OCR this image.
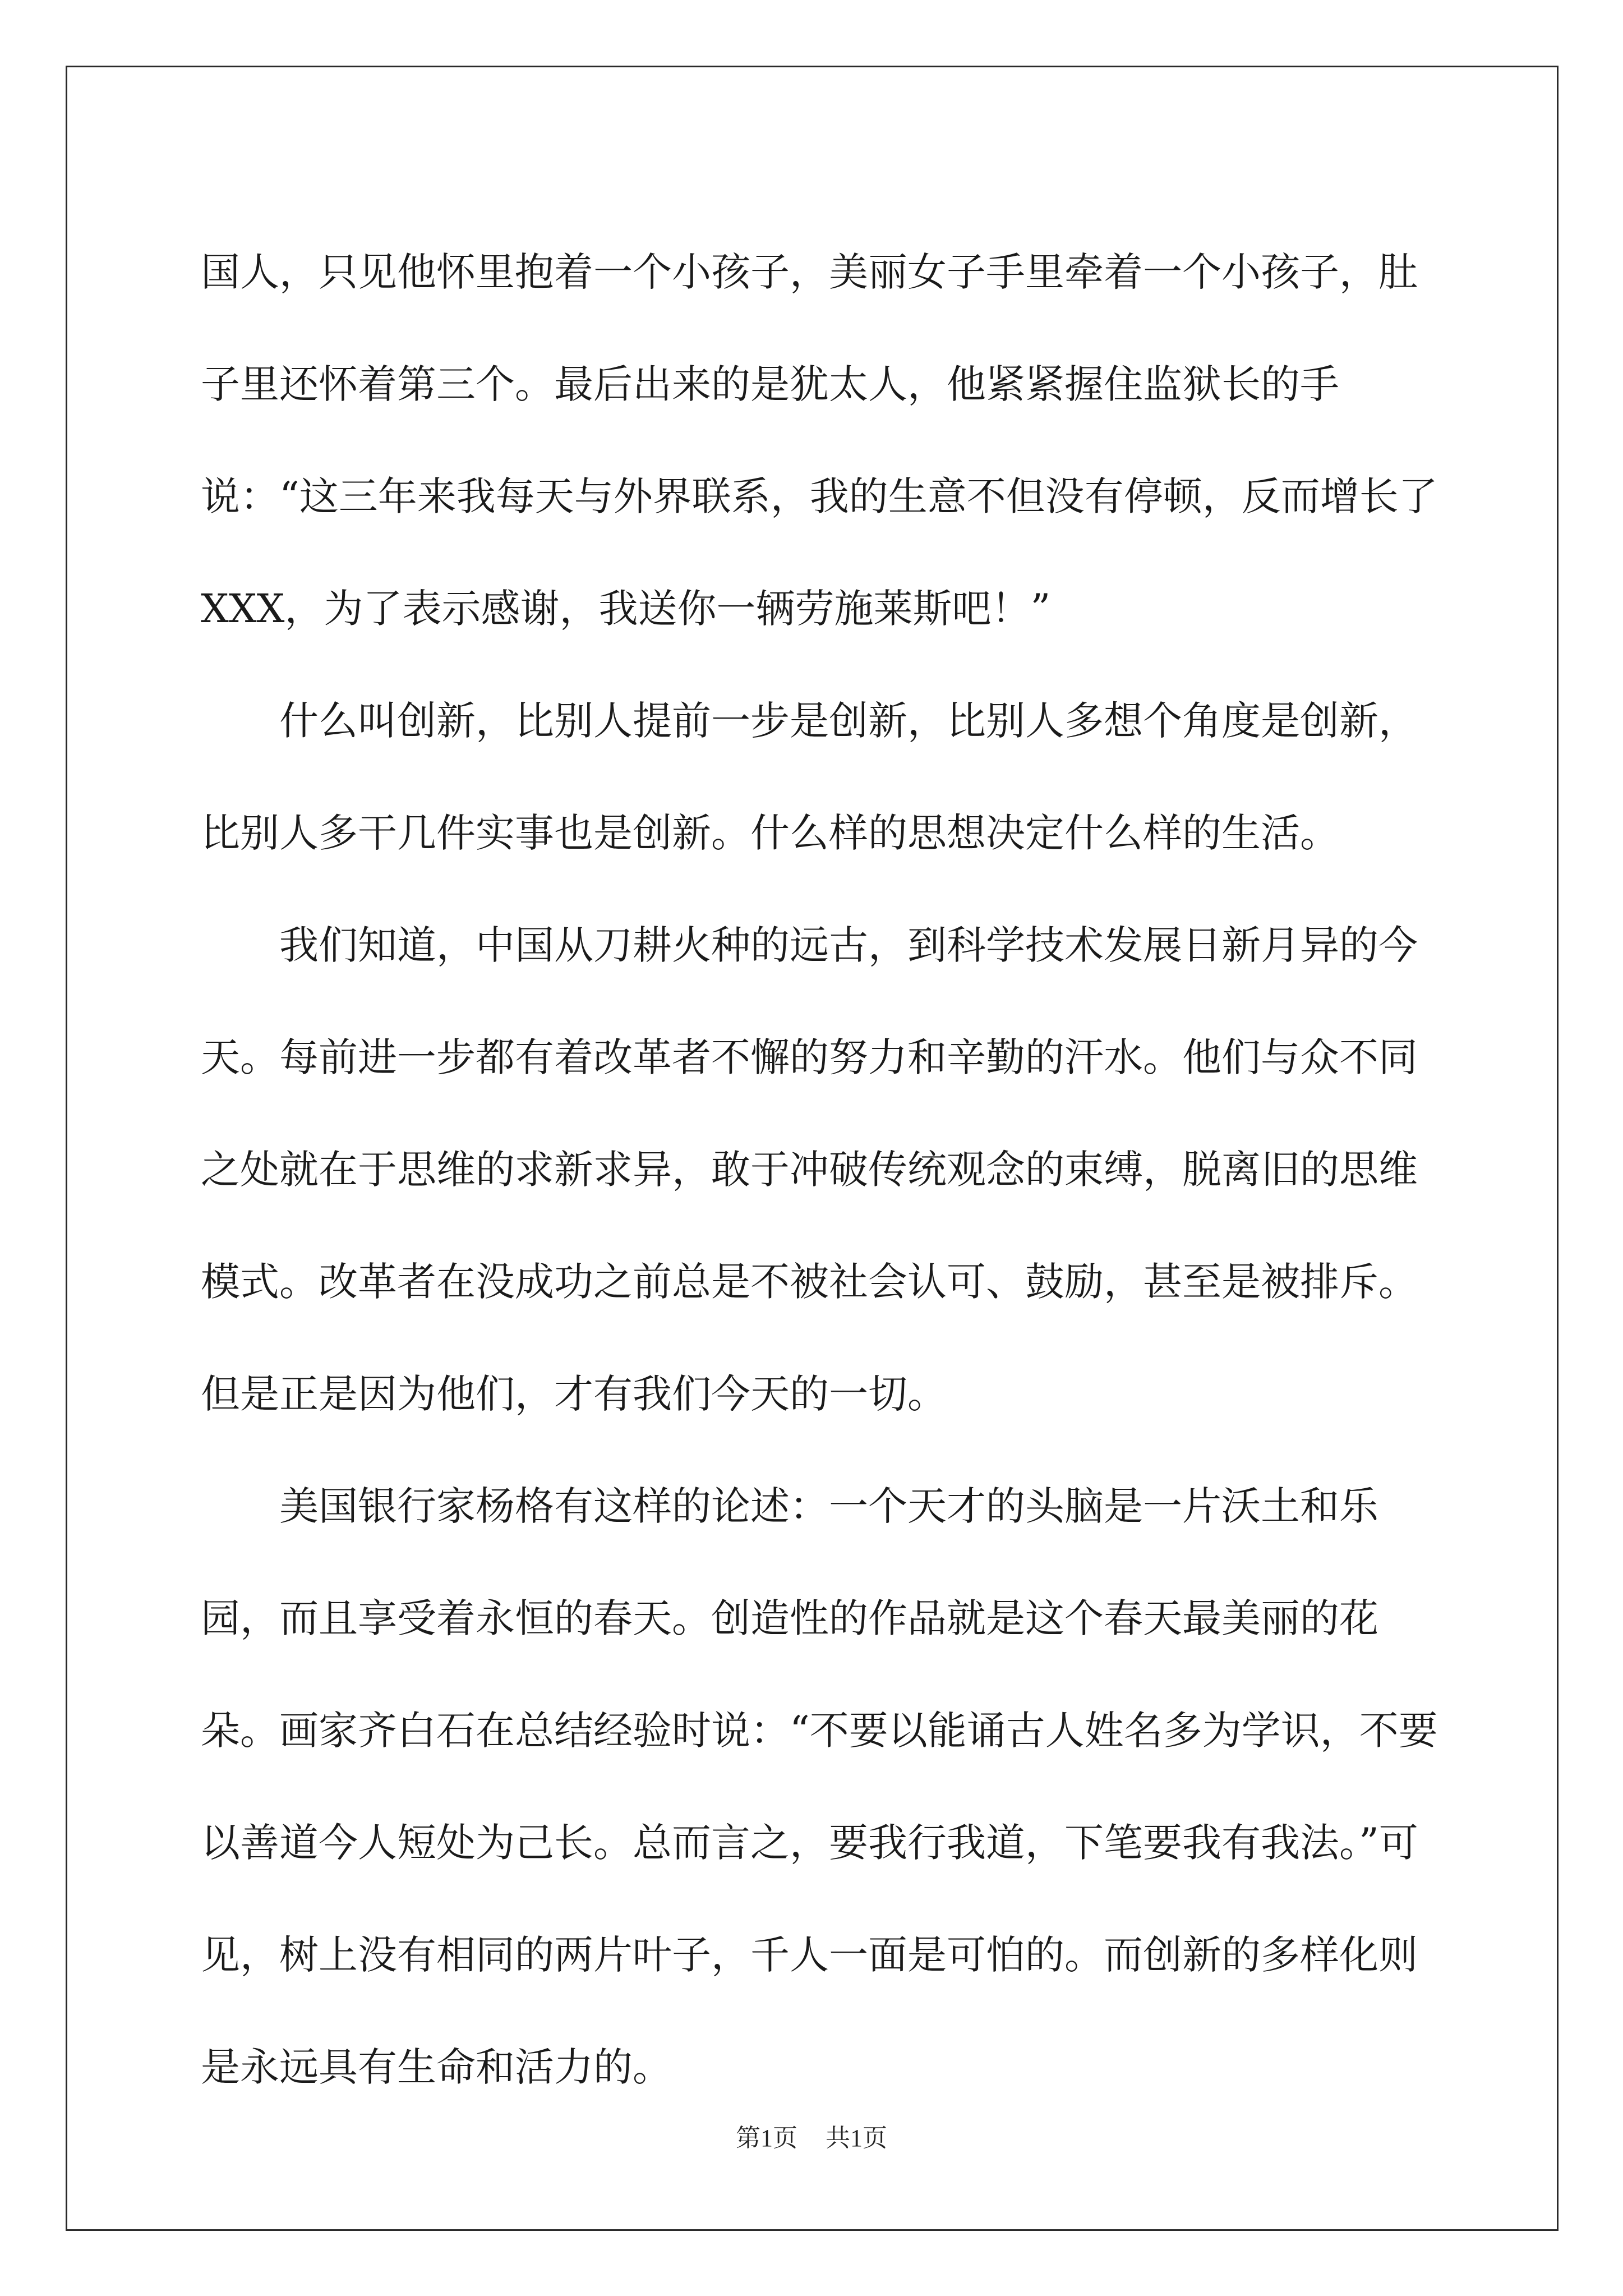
国人，只见他怀里抱着一个小孩子，美丽女子手里牵着一个小孩子，肚子里还怀着第三个。最后出来的是犹太人，他紧紧握住监狱长的手说：“这三年来我每天与外界联系，我的生意不但没有停顿，反而增长了 XXX，为了表示感谢，我送你一辆劳施莱斯吧！”

　　什么叫创新，比别人提前一步是创新，比别人多想个角度是创新，比别人多干几件实事也是创新。什么样的思想决定什么样的生活。

　　我们知道，中国从刀耕火种的远古，到科学技术发展日新月异的今天。每前进一步都有着改革者不懈的努力和辛勤的汗水。他们与众不同之处就在于思维的求新求异，敢于冲破传统观念的束缚，脱离旧的思维模式。改革者在没成功之前总是不被社会认可、鼓励，甚至是被排斥。但是正是因为他们，才有我们今天的一切。

　　美国银行家杨格有这样的论述：一个天才的头脑是一片沃土和乐园，而且享受着永恒的春天。创造性的作品就是这个春天最美丽的花朵。画家齐白石在总结经验时说：“不要以能诵古人姓名多为学识，不要以善道今人短处为己长。总而言之，要我行我道，下笔要我有我法。”可见，树上没有相同的两片叶子，千人一面是可怕的。而创新的多样化则是永远具有生命和活力的。

第1页 共1页
